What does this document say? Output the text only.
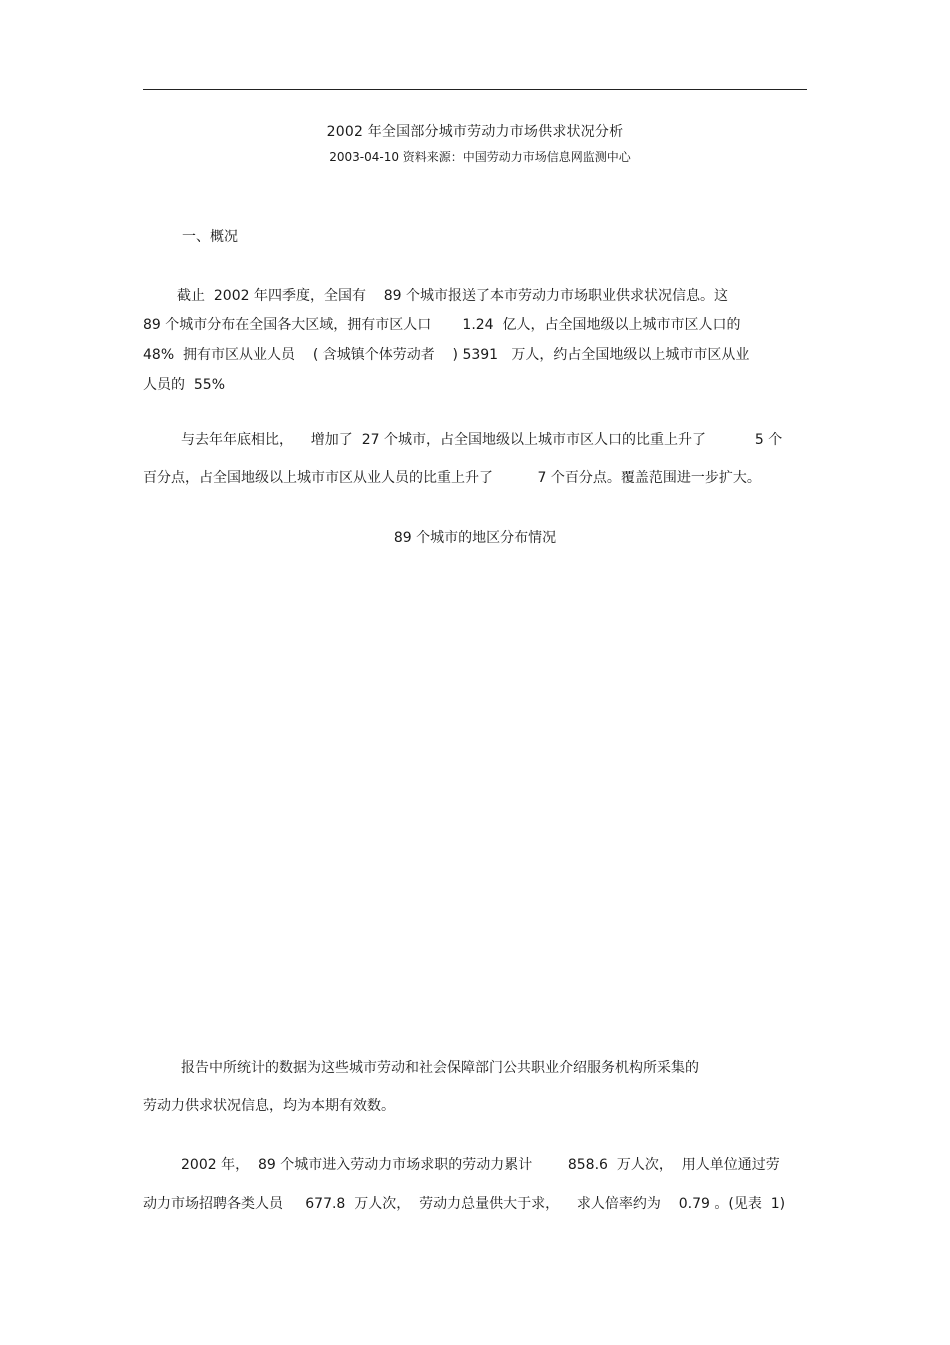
2002 年全国部分城市劳动力市场供求状况分析
2003-04-10 资料来源：中国劳动力市场信息网监测中心
一、概况
截止  2002 年四季度，全国有    89 个城市报送了本市劳动力市场职业供求状况信息。这
89 个城市分布在全国各大区域，拥有市区人口       1.24  亿人，占全国地级以上城市市区人口的
48%  拥有市区从业人员    ( 含城镇个体劳动者    ) 5391   万人，约占全国地级以上城市市区从业
人员的  55%
与去年年底相比，    增加了  27 个城市，占全国地级以上城市市区人口的比重上升了           5 个
百分点，占全国地级以上城市市区从业人员的比重上升了          7 个百分点。覆盖范围进一步扩大。
89 个城市的地区分布情况
报告中所统计的数据为这些城市劳动和社会保障部门公共职业介绍服务机构所采集的
劳动力供求状况信息，均为本期有效数。
2002 年，  89 个城市进入劳动力市场求职的劳动力累计        858.6  万人次，  用人单位通过劳
动力市场招聘各类人员     677.8  万人次，  劳动力总量供大于求，    求人倍率约为    0.79 。(见表  1)
